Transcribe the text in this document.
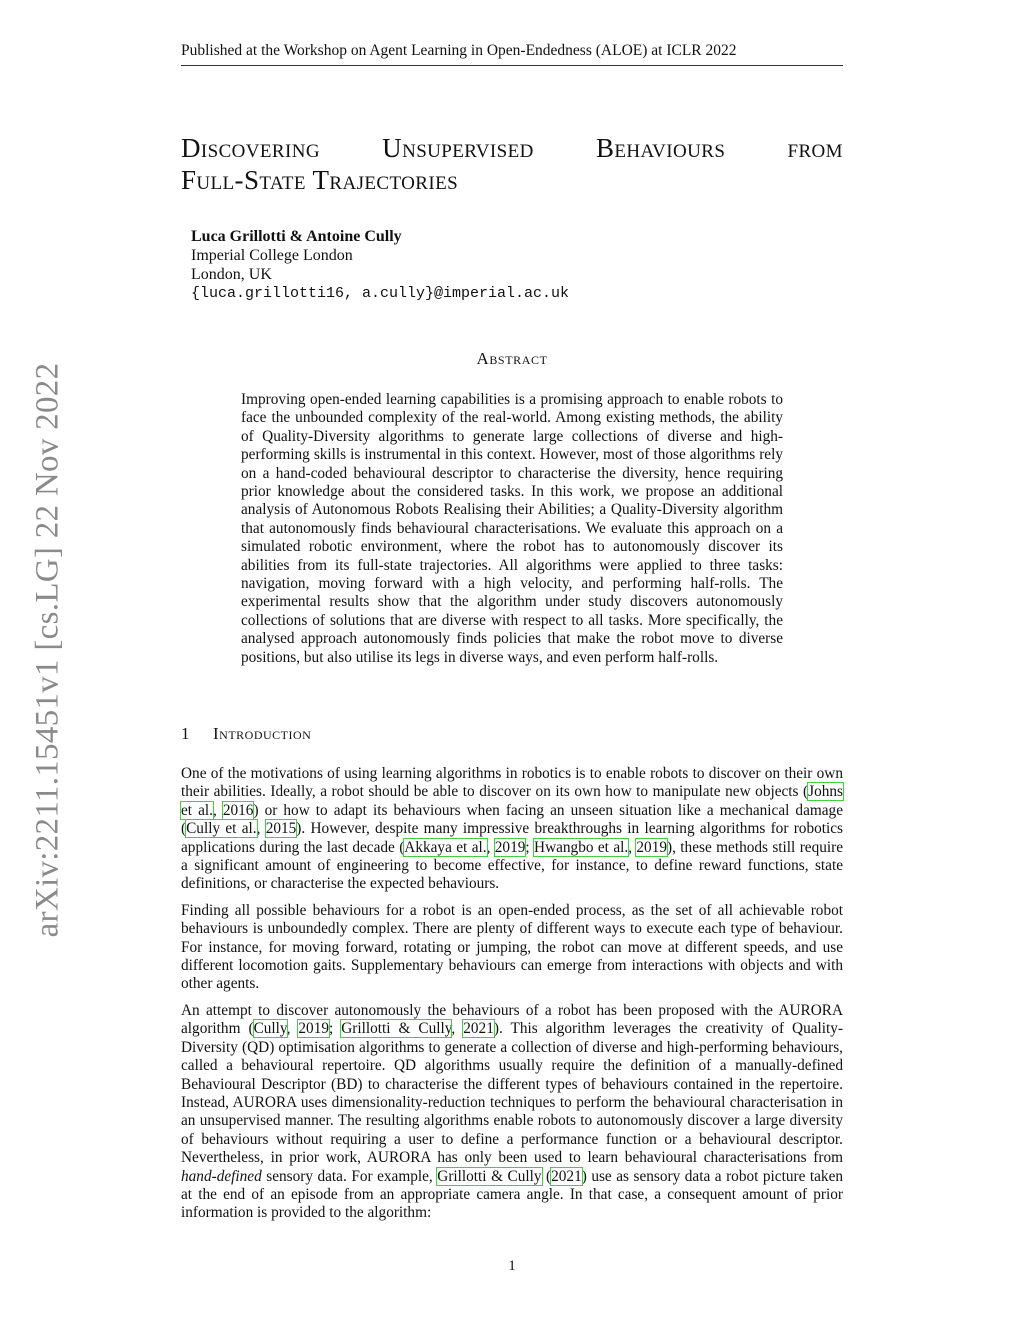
Published at the Workshop on Agent Learning in Open-Endedness (ALOE) at ICLR 2022
arXiv:2211.15451v1 [cs.LG] 22 Nov 2022
Discovering Unsupervised Behaviours from
Full-State Trajectories
Luca Grillotti & Antoine Cully
Imperial College London
London, UK
{luca.grillotti16, a.cully}@imperial.ac.uk
Abstract

Improving open-ended learning capabilities is a promising approach to enable robots to face the unbounded complexity of the real-world. Among existing methods, the ability of Quality-Diversity algorithms to generate large collections of diverse and high-performing skills is instrumental in this context. However, most of those algorithms rely on a hand-coded behavioural descriptor to characterise the diversity, hence requiring prior knowledge about the considered tasks. In this work, we propose an additional analysis of Autonomous Robots Realising their Abilities; a Quality-Diversity algorithm that autonomously finds behavioural characterisations. We evaluate this approach on a simulated robotic environment, where the robot has to autonomously discover its abilities from its full-state trajectories. All algorithms were applied to three tasks: navigation, moving forward with a high velocity, and performing half-rolls. The experimental results show that the algorithm under study discovers autonomously collections of solutions that are diverse with respect to all tasks. More specifically, the analysed approach autonomously finds policies that make the robot move to diverse positions, but also utilise its legs in diverse ways, and even perform half-rolls.

1 Introduction

One of the motivations of using learning algorithms in robotics is to enable robots to discover on their own their abilities. Ideally, a robot should be able to discover on its own how to manipulate new objects (Johns et al., 2016) or how to adapt its behaviours when facing an unseen situation like a mechanical damage (Cully et al., 2015). However, despite many impressive breakthroughs in learning algorithms for robotics applications during the last decade (Akkaya et al., 2019; Hwangbo et al., 2019), these methods still require a significant amount of engineering to become effective, for instance, to define reward functions, state definitions, or characterise the expected behaviours.

Finding all possible behaviours for a robot is an open-ended process, as the set of all achievable robot behaviours is unboundedly complex. There are plenty of different ways to execute each type of behaviour. For instance, for moving forward, rotating or jumping, the robot can move at different speeds, and use different locomotion gaits. Supplementary behaviours can emerge from interactions with objects and with other agents.

An attempt to discover autonomously the behaviours of a robot has been proposed with the AURORA algorithm (Cully, 2019; Grillotti & Cully, 2021). This algorithm leverages the creativity of Quality-Diversity (QD) optimisation algorithms to generate a collection of diverse and high-performing behaviours, called a behavioural repertoire. QD algorithms usually require the definition of a manually-defined Behavioural Descriptor (BD) to characterise the different types of behaviours contained in the repertoire. Instead, AURORA uses dimensionality-reduction techniques to perform the behavioural characterisation in an unsupervised manner. The resulting algorithms enable robots to autonomously discover a large diversity of behaviours without requiring a user to define a performance function or a behavioural descriptor. Nevertheless, in prior work, AURORA has only been used to learn behavioural characterisations from hand-defined sensory data. For example, Grillotti & Cully (2021) use as sensory data a robot picture taken at the end of an episode from an appropriate camera angle. In that case, a consequent amount of prior information is provided to the algorithm:

1
